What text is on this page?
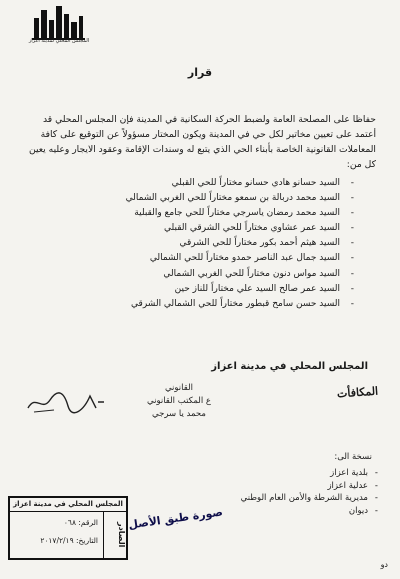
المجلس المحلي لمدينة اعزاز
قرار
حفاظا على المصلحة العامة ولضبط الحركة السكانية في المدينة فإن المجلس المحلي قد أعتمد على تعيين مخاتير لكل حي في المدينة ويكون المختار مسؤولاً عن التوقيع على كافة المعاملات القانونية الخاصة بأبناء الحي الذي يتبع له وسندات الإقامة وعقود الايجار وعليه يعين كل من:
السيد حسانو هادي حسانو مختاراً للحي القبلي -
السيد محمد دربالة بن سمعو مختاراً للحي الغربي الشمالي -
السيد محمد رمضان ياسرجي مختاراً للحي جامع والقبلية -
السيد عمر عشاوي مختاراً للحي الشرقي القبلي -
السيد هيثم أحمد بكور مختاراً للحي الشرقي -
السيد جمال عبد الناصر حمدو مختاراً للحي الشمالي -
السيد مواس دنون مختاراً للحي الغربي الشمالي -
السيد عمر صالح السيد علي مختاراً للناز حين -
السيد حسن سامح قبطور مختاراً للحي الشمالي الشرقي -
المجلس المحلي في مدينة اعزاز
القانوني
ع المكتب القانوني
محمد يا سرجي
المكافأت
نسخة الى:
بلدية اعزاز -
عدلية اعزاز -
مديرية الشرطة والأمن العام الوطني -
ديوان -
المجلس المحلي في مدينة اعزاز
الصادر
الرقم: ٠٦٨
التاريخ: ٢٠١٧/٢/١٩
صورة طبق الأصل
دو
